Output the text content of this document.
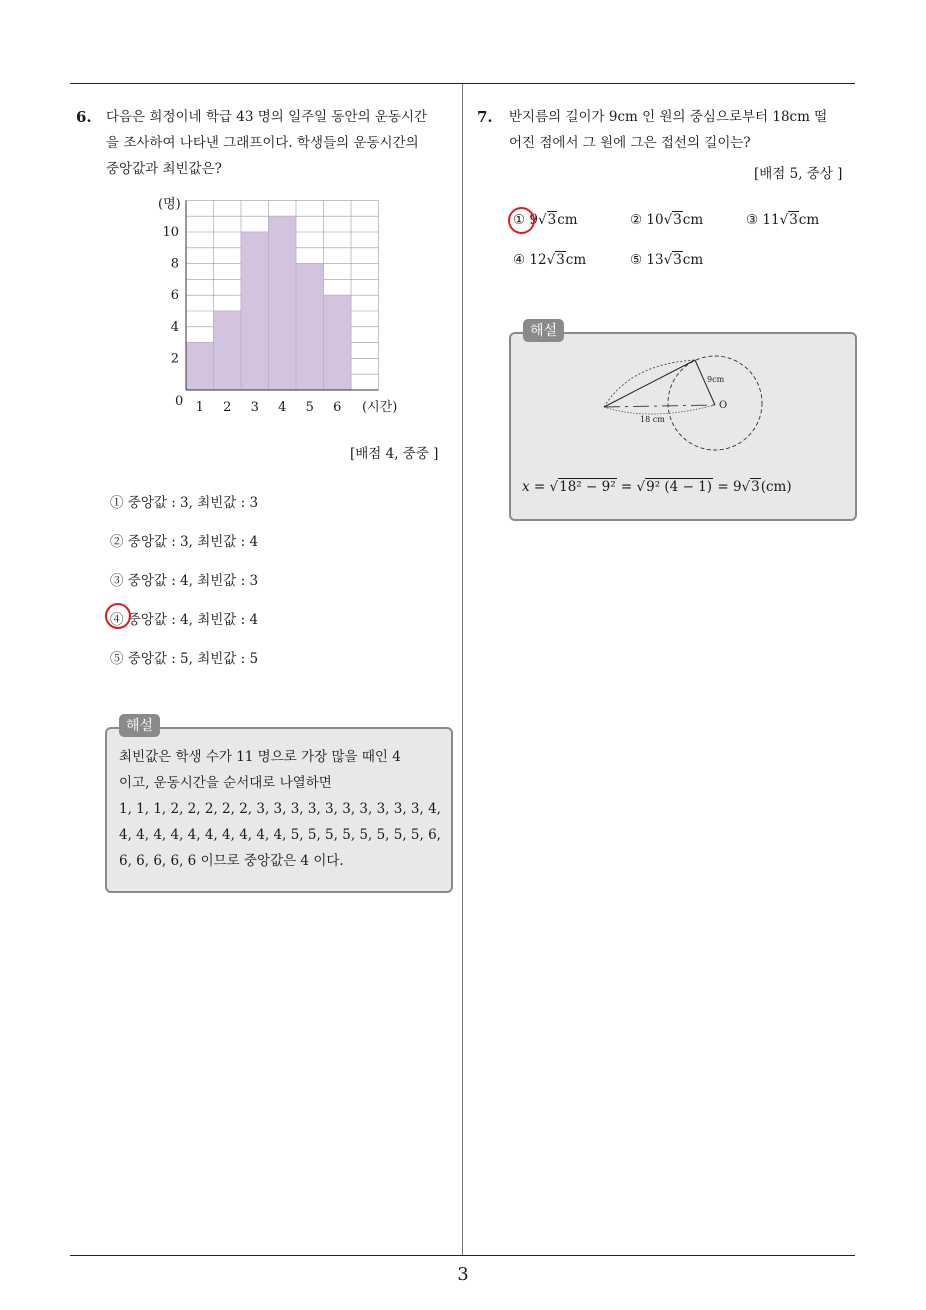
6. 다음은 희정이네 학급 43 명의 일주일 동안의 운동시간
을 조사하여 나타낸 그래프이다. 학생들의 운동시간의
중앙값과 최빈값은?
(명)
(시간)
0
2
4
6
8
10
1 2 3 4 5 6
[배점 4, 중중 ]
① 중앙값 : 3, 최빈값 : 3
② 중앙값 : 3, 최빈값 : 4
③ 중앙값 : 4, 최빈값 : 3
④ 중앙값 : 4, 최빈값 : 4
⑤ 중앙값 : 5, 최빈값 : 5
해설
최빈값은 학생 수가 11 명으로 가장 많을 때인 4
이고, 운동시간을 순서대로 나열하면
1, 1, 1, 2, 2, 2, 2, 2, 3, 3, 3, 3, 3, 3, 3, 3, 3, 3, 4,
4, 4, 4, 4, 4, 4, 4, 4, 4, 4, 5, 5, 5, 5, 5, 5, 5, 5, 6,
6, 6, 6, 6, 6 이므로 중앙값은 4 이다.
7. 반지름의 길이가 9cm 인 원의 중심으로부터 18cm 떨
어진 점에서 그 원에 그은 접선의 길이는?
[배점 5, 중상 ]
① 9√3cm	② 10√3cm	③ 11√3cm
④ 12√3cm	⑤ 13√3cm
해설
9cm
18 cm
O
x = √18² − 9² = √9² (4 − 1) = 9√3(cm)
3
